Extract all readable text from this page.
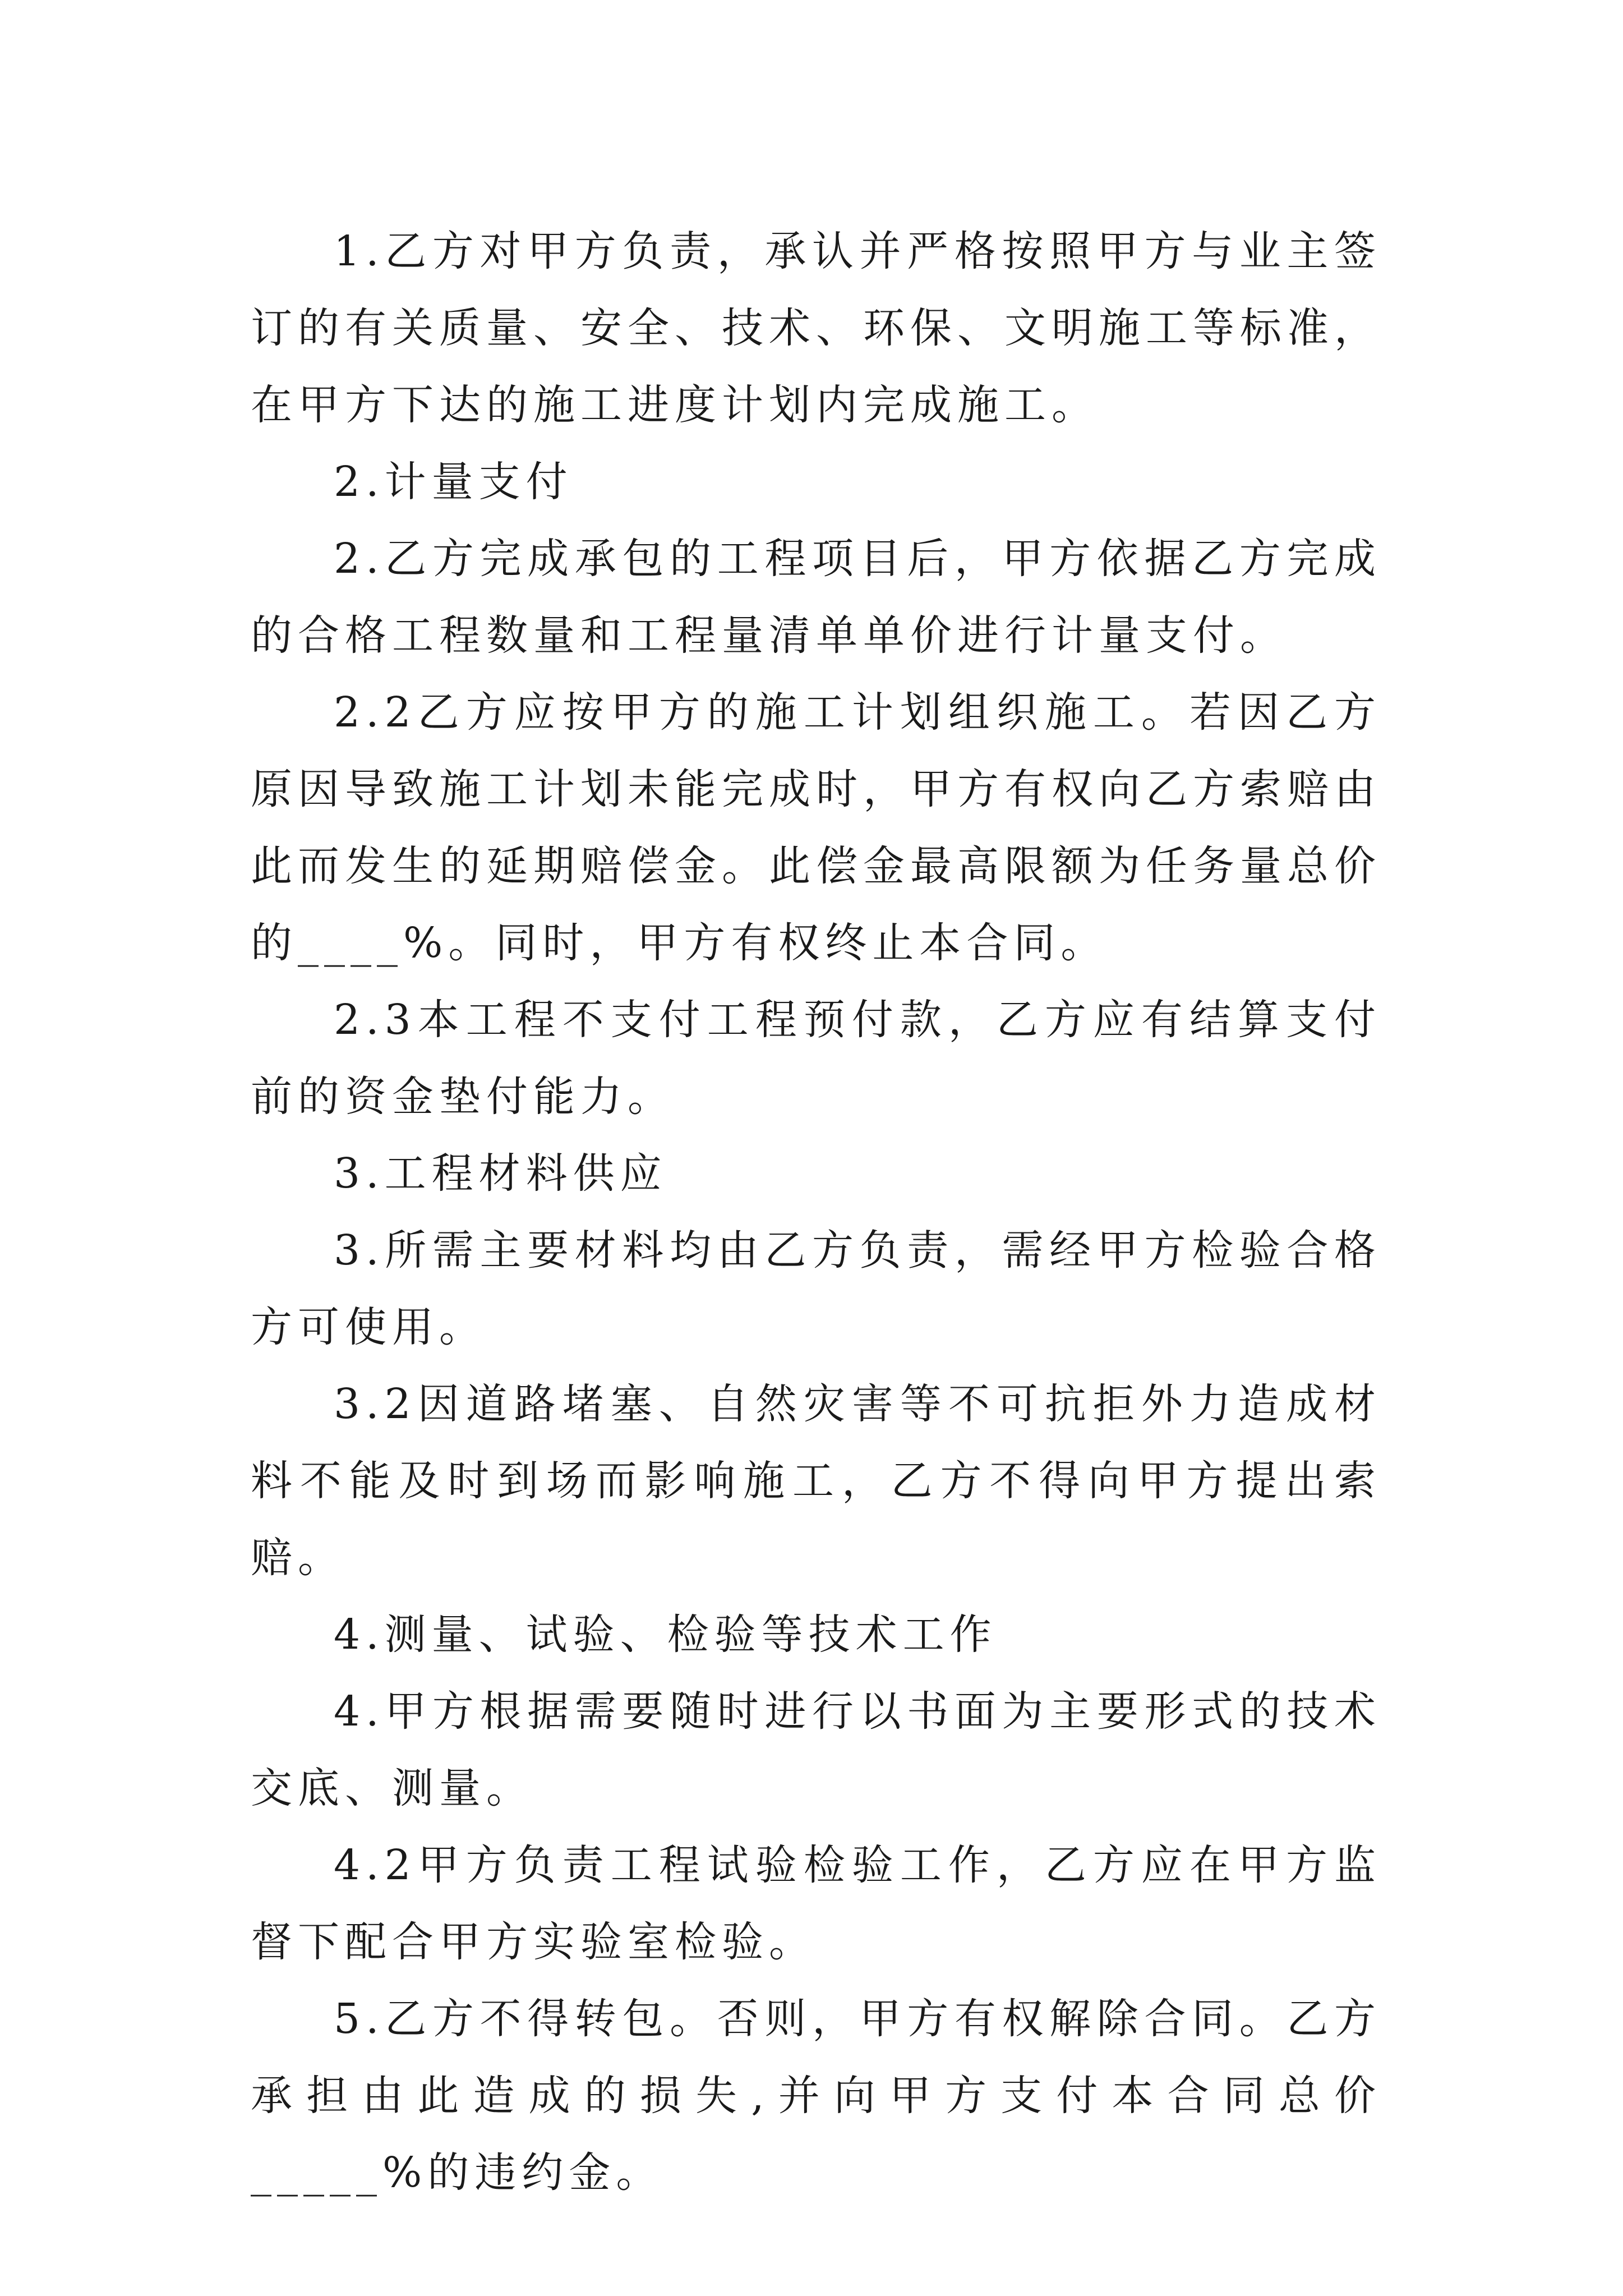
1.乙方对甲方负责，承认并严格按照甲方与业主签订的有关质量、安全、技术、环保、文明施工等标准，在甲方下达的施工进度计划内完成施工。

2.计量支付

2.乙方完成承包的工程项目后，甲方依据乙方完成的合格工程数量和工程量清单单价进行计量支付。

2.2乙方应按甲方的施工计划组织施工。若因乙方原因导致施工计划未能完成时，甲方有权向乙方索赔由此而发生的延期赔偿金。此偿金最高限额为任务量总价的____%。同时，甲方有权终止本合同。

2.3本工程不支付工程预付款，乙方应有结算支付前的资金垫付能力。

3.工程材料供应

3.所需主要材料均由乙方负责，需经甲方检验合格方可使用。

3.2因道路堵塞、自然灾害等不可抗拒外力造成材料不能及时到场而影响施工，乙方不得向甲方提出索赔。

4.测量、试验、检验等技术工作

4.甲方根据需要随时进行以书面为主要形式的技术交底、测量。

4.2甲方负责工程试验检验工作，乙方应在甲方监督下配合甲方实验室检验。

5.乙方不得转包。否则，甲方有权解除合同。乙方承担由此造成的损失,并向甲方支付本合同总价_____%的违约金。
